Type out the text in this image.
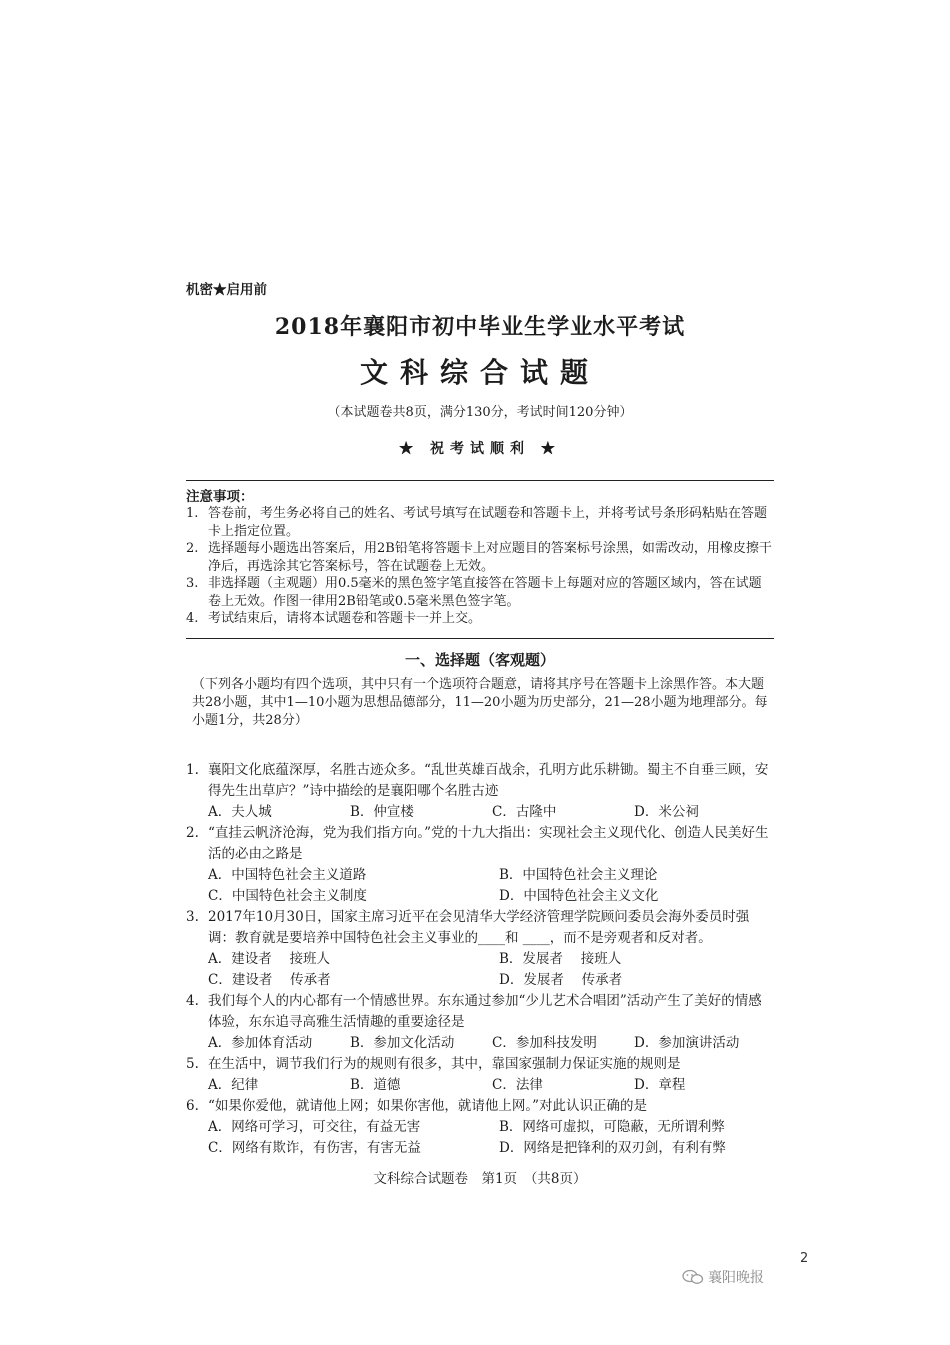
机密★启用前
2018年襄阳市初中毕业生学业水平考试
文科综合试题
（本试题卷共8页，满分130分，考试时间120分钟）
★ 祝考试顺利 ★
注意事项：
1. 答卷前，考生务必将自己的姓名、考试号填写在试题卷和答题卡上，并将考试号条形码粘贴在答题卡上指定位置。
2. 选择题每小题选出答案后，用2B铅笔将答题卡上对应题目的答案标号涂黑，如需改动，用橡皮擦干净后，再选涂其它答案标号，答在试题卷上无效。
3. 非选择题（主观题）用0.5毫米的黑色签字笔直接答在答题卡上每题对应的答题区域内，答在试题卷上无效。作图一律用2B铅笔或0.5毫米黑色签字笔。
4. 考试结束后，请将本试题卷和答题卡一并上交。
一、选择题（客观题）
（下列各小题均有四个选项，其中只有一个选项符合题意，请将其序号在答题卡上涂黑作答。本大题共28小题，其中1—10小题为思想品德部分，11—20小题为历史部分，21—28小题为地理部分。每小题1分，共28分）
1. 襄阳文化底蕴深厚，名胜古迹众多。“乱世英雄百战余，孔明方此乐耕锄。蜀主不自垂三顾，安得先生出草庐？”诗中描绘的是襄阳哪个名胜古迹
A．夫人城	B．仲宣楼	C．古隆中	D．米公祠
2. “直挂云帆济沧海，党为我们指方向。”党的十九大指出：实现社会主义现代化、创造人民美好生活的必由之路是
A．中国特色社会主义道路	B．中国特色社会主义理论
C．中国特色社会主义制度	D．中国特色社会主义文化
3. 2017年10月30日，国家主席习近平在会见清华大学经济管理学院顾问委员会海外委员时强调：教育就是要培养中国特色社会主义事业的____和 ____，而不是旁观者和反对者。
A．建设者　 接班人	B．发展者　 接班人
C．建设者　 传承者	D．发展者　 传承者
4. 我们每个人的内心都有一个情感世界。东东通过参加“少儿艺术合唱团”活动产生了美好的情感体验，东东追寻高雅生活情趣的重要途径是
A．参加体育活动	B．参加文化活动	C．参加科技发明	D．参加演讲活动
5. 在生活中，调节我们行为的规则有很多，其中，靠国家强制力保证实施的规则是
A．纪律	B．道德	C．法律	D．章程
6. “如果你爱他，就请他上网；如果你害他，就请他上网。”对此认识正确的是
A．网络可学习，可交往，有益无害	B．网络可虚拟，可隐蔽，无所谓利弊
C．网络有欺诈，有伤害，有害无益	D．网络是把锋利的双刃剑，有利有弊
文科综合试题卷　第1页　（共8页）
2
襄阳晚报
